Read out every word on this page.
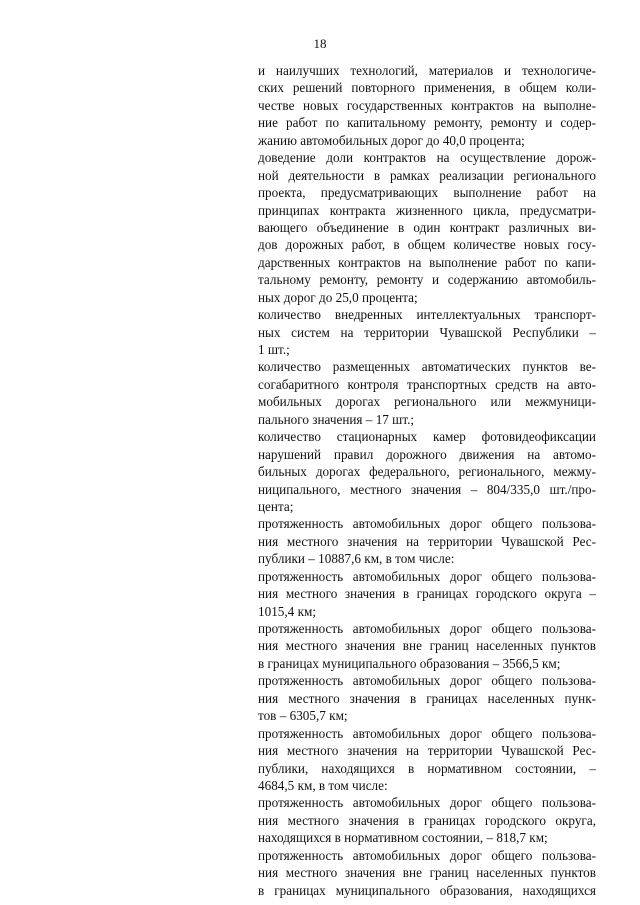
18
и наилучших технологий, материалов и технологиче-
ских решений повторного применения, в общем коли-
честве новых государственных контрактов на выполне-
ние работ по капитальному ремонту, ремонту и содер-
жанию автомобильных дорог до 40,0 процента;
доведение доли контрактов на осуществление дорож-
ной деятельности в рамках реализации регионального
проекта, предусматривающих выполнение работ на
принципах контракта жизненного цикла, предусматри-
вающего объединение в один контракт различных ви-
дов дорожных работ, в общем количестве новых госу-
дарственных контрактов на выполнение работ по капи-
тальному ремонту, ремонту и содержанию автомобиль-
ных дорог до 25,0 процента;
количество внедренных интеллектуальных транспорт-
ных систем на территории Чувашской Республики –
1 шт.;
количество размещенных автоматических пунктов ве-
согабаритного контроля транспортных средств на авто-
мобильных дорогах регионального или межмуници-
пального значения – 17 шт.;
количество стационарных камер фотовидеофиксации
нарушений правил дорожного движения на автомо-
бильных дорогах федерального, регионального, межму-
ниципального, местного значения – 804/335,0 шт./про-
цента;
протяженность автомобильных дорог общего пользова-
ния местного значения на территории Чувашской Рес-
публики – 10887,6 км, в том числе:
протяженность автомобильных дорог общего пользова-
ния местного значения в границах городского округа –
1015,4 км;
протяженность автомобильных дорог общего пользова-
ния местного значения вне границ населенных пунктов
в границах муниципального образования – 3566,5 км;
протяженность автомобильных дорог общего пользова-
ния местного значения в границах населенных пунк-
тов – 6305,7 км;
протяженность автомобильных дорог общего пользова-
ния местного значения на территории Чувашской Рес-
публики, находящихся в нормативном состоянии, –
4684,5 км, в том числе:
протяженность автомобильных дорог общего пользова-
ния местного значения в границах городского округа,
находящихся в нормативном состоянии, – 818,7 км;
протяженность автомобильных дорог общего пользова-
ния местного значения вне границ населенных пунктов
в границах муниципального образования, находящихся
